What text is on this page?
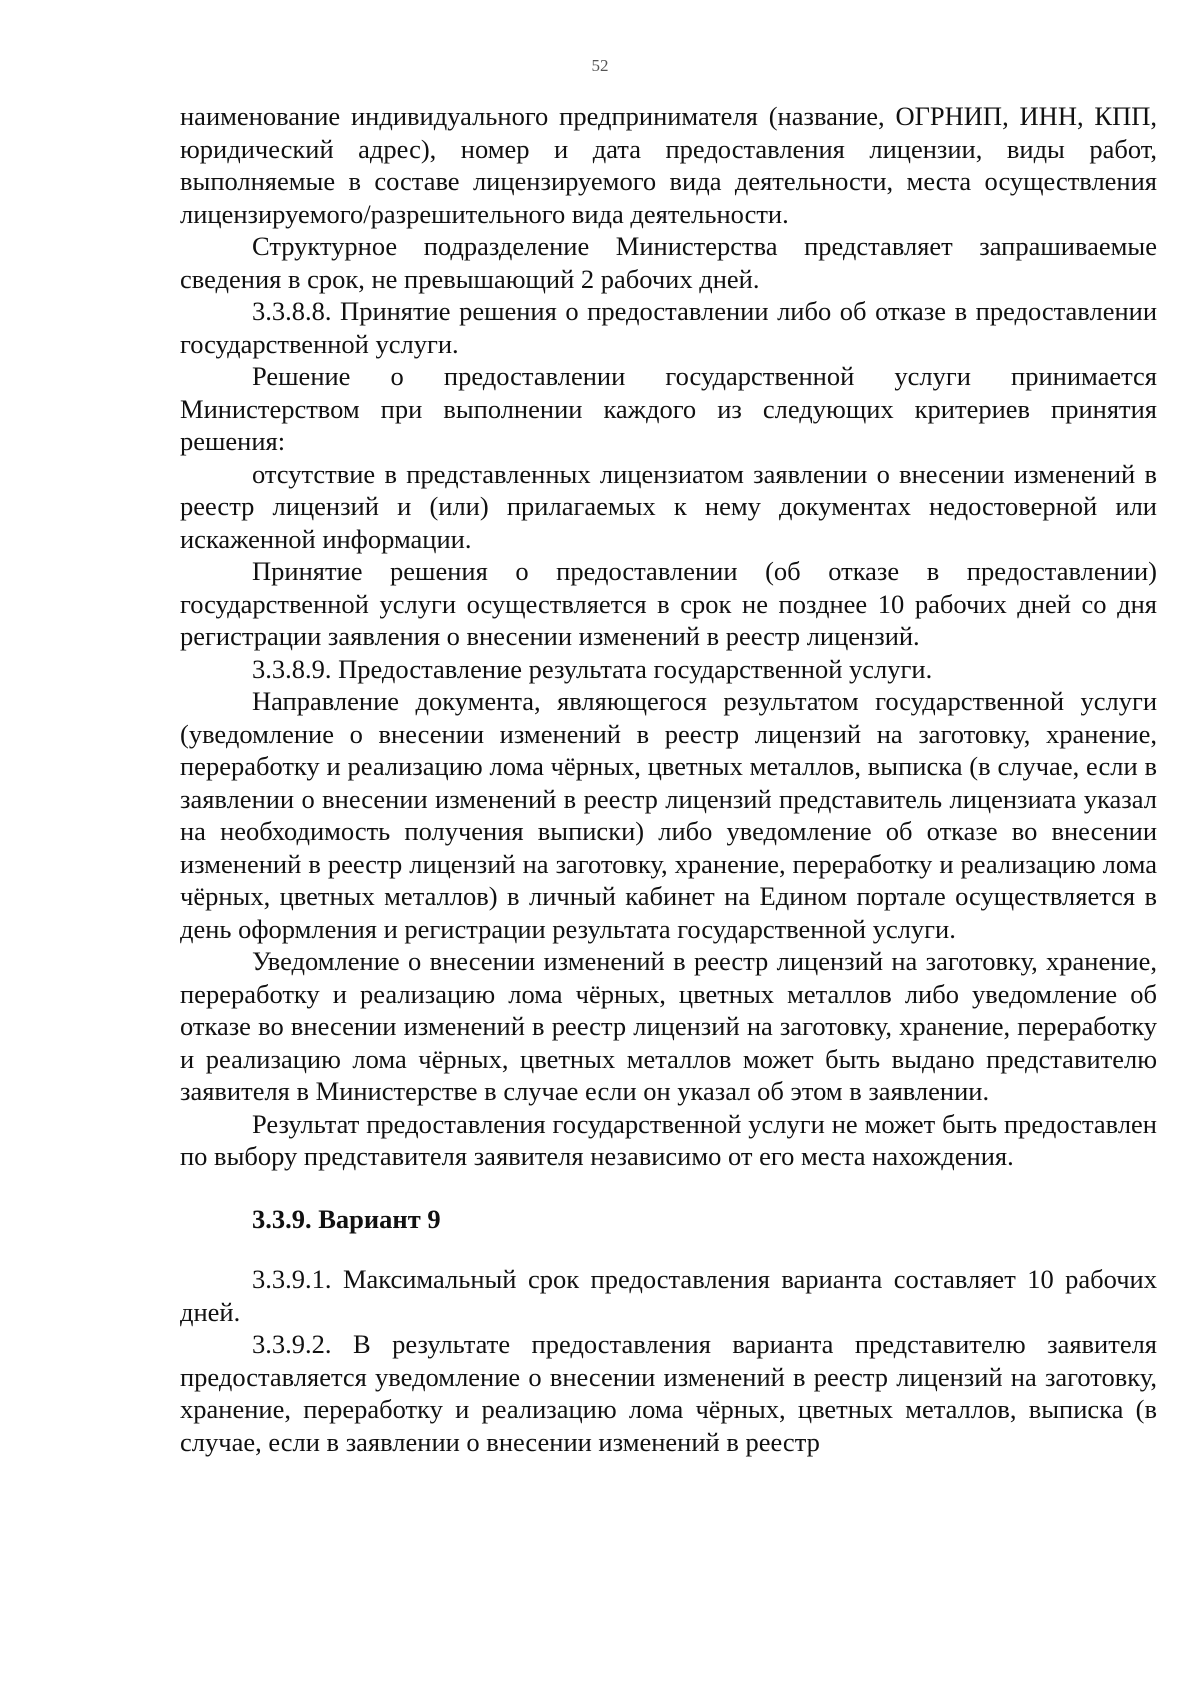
52

наименование индивидуального предпринимателя (название, ОГРНИП, ИНН, КПП, юридический адрес), номер и дата предоставления лицензии, виды работ, выполняемые в составе лицензируемого вида деятельности, места осуществления лицензируемого/разрешительного вида деятельности.

Структурное подразделение Министерства представляет запрашиваемые сведения в срок, не превышающий 2 рабочих дней.

3.3.8.8. Принятие решения о предоставлении либо об отказе в предоставлении государственной услуги.

Решение о предоставлении государственной услуги принимается Министерством при выполнении каждого из следующих критериев принятия решения:

отсутствие в представленных лицензиатом заявлении о внесении изменений в реестр лицензий и (или) прилагаемых к нему документах недостоверной или искаженной информации.

Принятие решения о предоставлении (об отказе в предоставлении) государственной услуги осуществляется в срок не позднее 10 рабочих дней со дня регистрации заявления о внесении изменений в реестр лицензий.

3.3.8.9. Предоставление результата государственной услуги.

Направление документа, являющегося результатом государственной услуги (уведомление о внесении изменений в реестр лицензий на заготовку, хранение, переработку и реализацию лома чёрных, цветных металлов, выписка (в случае, если в заявлении о внесении изменений в реестр лицензий представитель лицензиата указал на необходимость получения выписки) либо уведомление об отказе во внесении изменений в реестр лицензий на заготовку, хранение, переработку и реализацию лома чёрных, цветных металлов) в личный кабинет на Едином портале осуществляется в день оформления и регистрации результата государственной услуги.

Уведомление о внесении изменений в реестр лицензий на заготовку, хранение, переработку и реализацию лома чёрных, цветных металлов либо уведомление об отказе во внесении изменений в реестр лицензий на заготовку, хранение, переработку и реализацию лома чёрных, цветных металлов может быть выдано представителю заявителя в Министерстве в случае если он указал об этом в заявлении.

Результат предоставления государственной услуги не может быть предоставлен по выбору представителя заявителя независимо от его места нахождения.

3.3.9. Вариант 9

3.3.9.1. Максимальный срок предоставления варианта составляет 10 рабочих дней.

3.3.9.2. В результате предоставления варианта представителю заявителя предоставляется уведомление о внесении изменений в реестр лицензий на заготовку, хранение, переработку и реализацию лома чёрных, цветных металлов, выписка (в случае, если в заявлении о внесении изменений в реестр
